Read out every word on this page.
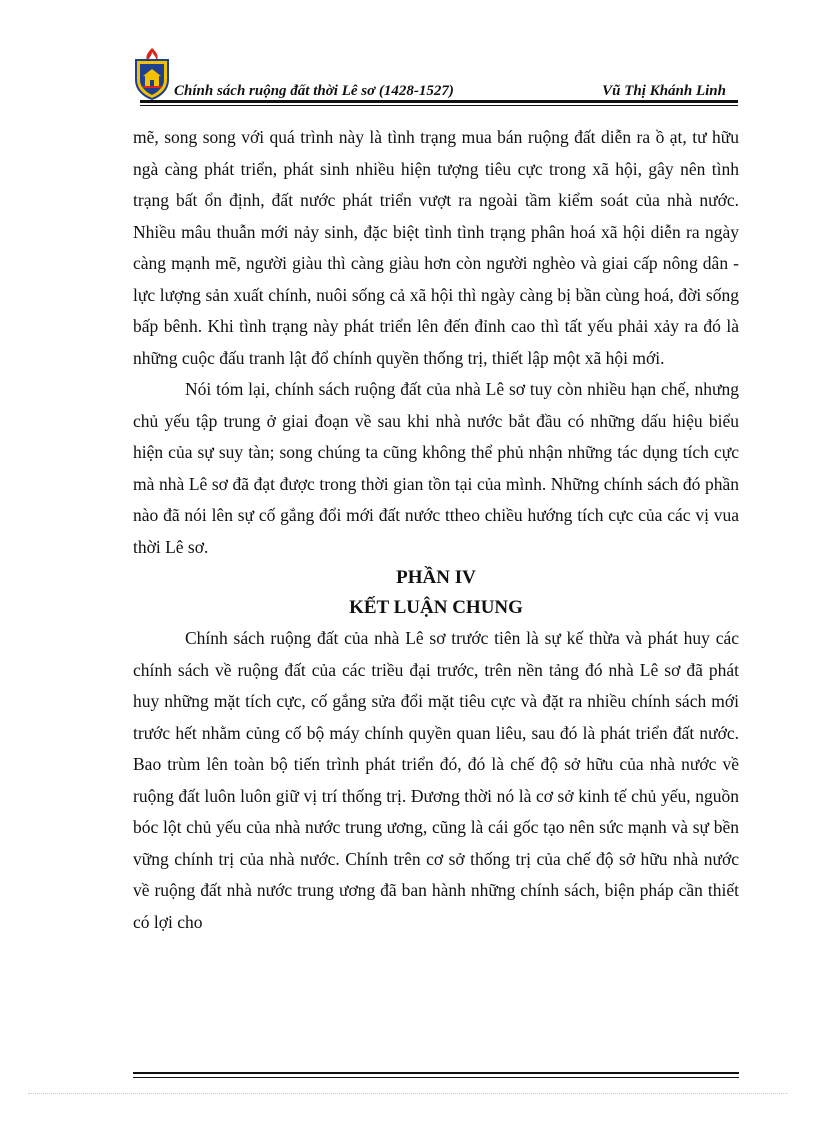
Chính sách ruộng đất thời Lê sơ (1428-1527)	Vũ Thị Khánh Linh

mẽ, song song với quá trình này là tình trạng mua bán ruộng đất diễn ra ồ ạt, tư hữu ngà càng phát triển, phát sinh nhiều hiện tượng tiêu cực trong xã hội, gây nên tình trạng bất ổn định, đất nước phát triển vượt ra ngoài tầm kiểm soát của nhà nước. Nhiều mâu thuẫn mới nảy sinh, đặc biệt tình tình trạng phân hoá xã hội diễn ra ngày càng mạnh mẽ, người giàu thì càng giàu hơn còn người nghèo và giai cấp nông dân - lực lượng sản xuất chính, nuôi sống cả xã hội thì ngày càng bị bần cùng hoá, đời sống bấp bênh. Khi tình trạng này phát triển lên đến đỉnh cao thì tất yếu phải xảy ra đó là những cuộc đấu tranh lật đổ chính quyền thống trị, thiết lập một xã hội mới.

Nói tóm lại, chính sách ruộng đất của nhà Lê sơ tuy còn nhiều hạn chế, nhưng chủ yếu tập trung ở giai đoạn về sau khi nhà nước bắt đầu có những dấu hiệu biểu hiện của sự suy tàn; song chúng ta cũng không thể phủ nhận những tác dụng tích cực mà nhà Lê sơ đã đạt được trong thời gian tồn tại của mình. Những chính sách đó phần nào đã nói lên sự cố gắng đổi mới đất nước ttheo chiều hướng tích cực của các vị vua thời Lê sơ.

PHẦN IV

KẾT LUẬN CHUNG

Chính sách ruộng đất của nhà Lê sơ trước tiên là sự kế thừa và phát huy các chính sách về ruộng đất của các triều đại trước, trên nền tảng đó nhà Lê sơ đã phát huy những mặt tích cực, cố gắng sửa đổi mặt tiêu cực và đặt ra nhiều chính sách mới trước hết nhằm củng cố bộ máy chính quyền quan liêu, sau đó là phát triển đất nước. Bao trùm lên toàn bộ tiến trình phát triển đó, đó là chế độ sở hữu của nhà nước về ruộng đất luôn luôn giữ vị trí thống trị. Đương thời nó là cơ sở kinh tế chủ yếu, nguồn bóc lột chủ yếu của nhà nước trung ương, cũng là cái gốc tạo nên sức mạnh và sự bền vững chính trị của nhà nước. Chính trên cơ sở thống trị của chế độ sở hữu nhà nước về ruộng đất nhà nước trung ương đã ban hành những chính sách, biện pháp cần thiết có lợi cho
